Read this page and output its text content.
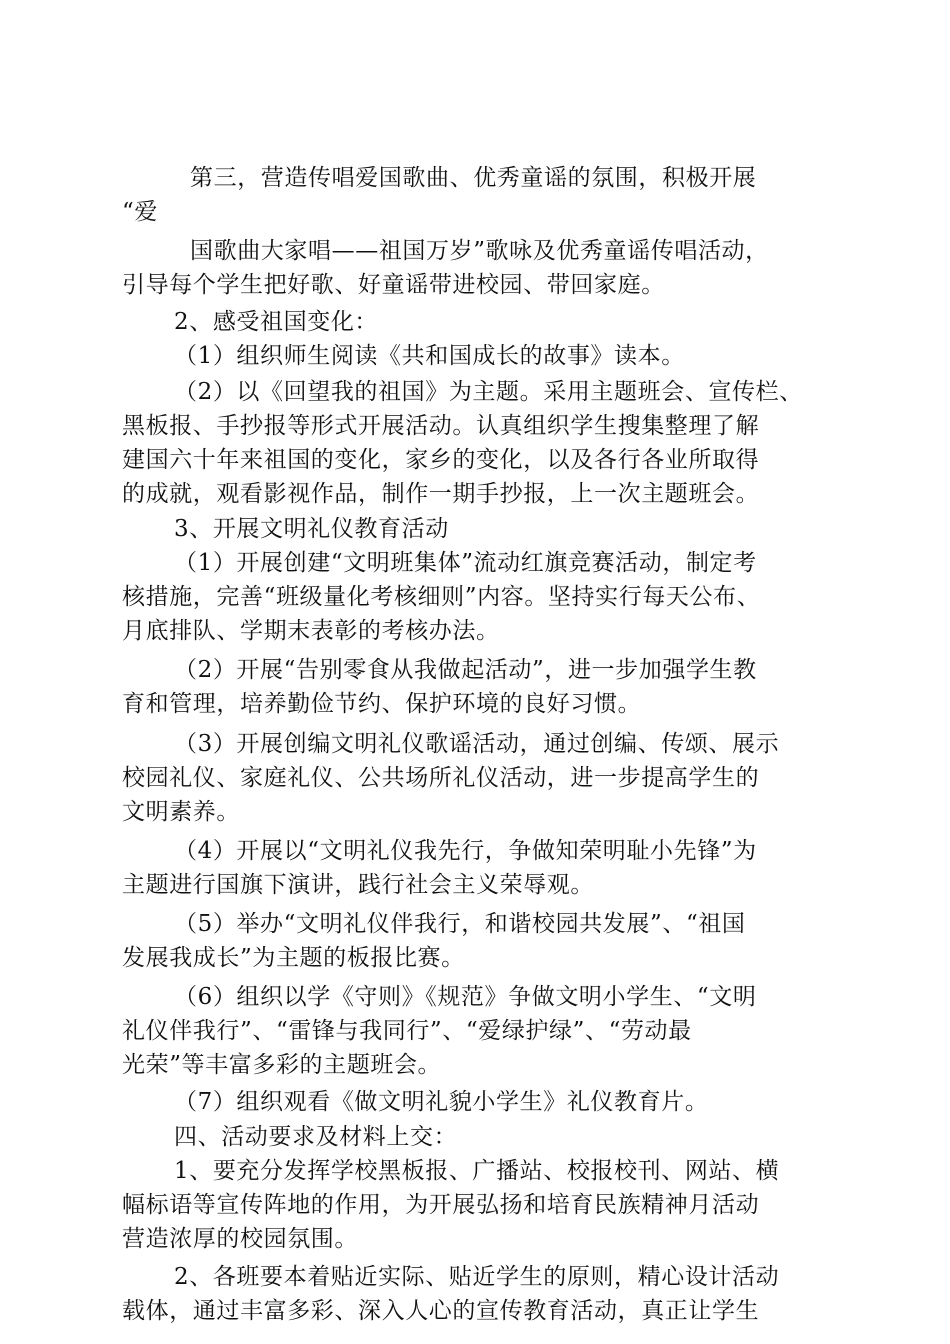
第三，营造传唱爱国歌曲、优秀童谣的氛围，积极开展
“爱
国歌曲大家唱——祖国万岁”歌咏及优秀童谣传唱活动，
引导每个学生把好歌、好童谣带进校园、带回家庭。
2、感受祖国变化：
（1）组织师生阅读《共和国成长的故事》读本。
（2）以《回望我的祖国》为主题。采用主题班会、宣传栏、
黑板报、手抄报等形式开展活动。认真组织学生搜集整理了解
建国六十年来祖国的变化，家乡的变化，以及各行各业所取得
的成就，观看影视作品，制作一期手抄报，上一次主题班会。
3、开展文明礼仪教育活动
（1）开展创建“文明班集体”流动红旗竞赛活动，制定考
核措施，完善“班级量化考核细则”内容。坚持实行每天公布、
月底排队、学期末表彰的考核办法。
（2）开展“告别零食从我做起活动”，进一步加强学生教
育和管理，培养勤俭节约、保护环境的良好习惯。
（3）开展创编文明礼仪歌谣活动，通过创编、传颂、展示
校园礼仪、家庭礼仪、公共场所礼仪活动，进一步提高学生的
文明素养。
（4）开展以“文明礼仪我先行，争做知荣明耻小先锋”为
主题进行国旗下演讲，践行社会主义荣辱观。
（5）举办“文明礼仪伴我行，和谐校园共发展”、“祖国
发展我成长”为主题的板报比赛。
（6）组织以学《守则》《规范》争做文明小学生、“文明
礼仪伴我行”、“雷锋与我同行”、“爱绿护绿”、“劳动最
光荣”等丰富多彩的主题班会。
（7）组织观看《做文明礼貌小学生》礼仪教育片。
四、活动要求及材料上交：
1、要充分发挥学校黑板报、广播站、校报校刊、网站、横
幅标语等宣传阵地的作用，为开展弘扬和培育民族精神月活动
营造浓厚的校园氛围。
2、各班要本着贴近实际、贴近学生的原则，精心设计活动
载体，通过丰富多彩、深入人心的宣传教育活动，真正让学生
